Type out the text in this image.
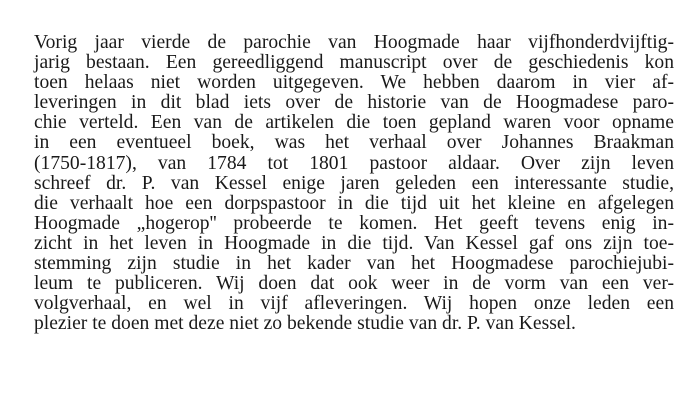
Vorig jaar vierde de parochie van Hoogmade haar vijfhonderdvijftig-
jarig bestaan. Een gereedliggend manuscript over de geschiedenis kon
toen helaas niet worden uitgegeven. We hebben daarom in vier af-
leveringen in dit blad iets over de historie van de Hoogmadese paro-
chie verteld. Een van de artikelen die toen gepland waren voor opname
in een eventueel boek, was het verhaal over Johannes Braakman
(1750-1817), van 1784 tot 1801 pastoor aldaar. Over zijn leven
schreef dr. P. van Kessel enige jaren geleden een interessante studie,
die verhaalt hoe een dorpspastoor in die tijd uit het kleine en afgelegen
Hoogmade „hogerop'' probeerde te komen. Het geeft tevens enig in-
zicht in het leven in Hoogmade in die tijd. Van Kessel gaf ons zijn toe-
stemming zijn studie in het kader van het Hoogmadese parochiejubi-
leum te publiceren. Wij doen dat ook weer in de vorm van een ver-
volgverhaal, en wel in vijf afleveringen. Wij hopen onze leden een
plezier te doen met deze niet zo bekende studie van dr. P. van Kessel.
